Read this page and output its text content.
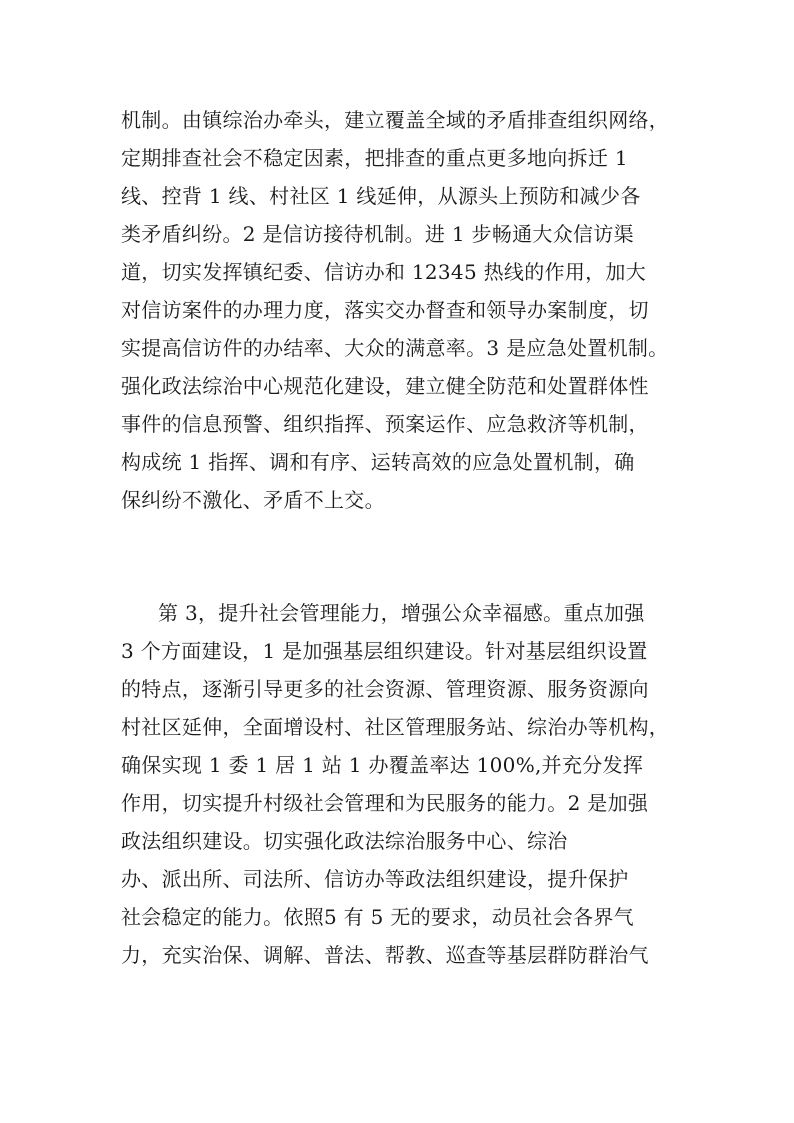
机制。由镇综治办牵头，建立覆盖全域的矛盾排查组织网络，
定期排查社会不稳定因素，把排查的重点更多地向拆迁 1
线、控背 1 线、村社区 1 线延伸，从源头上预防和减少各
类矛盾纠纷。2 是信访接待机制。进 1 步畅通大众信访渠
道，切实发挥镇纪委、信访办和 12345 热线的作用，加大
对信访案件的办理力度，落实交办督查和领导办案制度，切
实提高信访件的办结率、大众的满意率。3 是应急处置机制。
强化政法综治中心规范化建设，建立健全防范和处置群体性
事件的信息预警、组织指挥、预案运作、应急救济等机制，
构成统 1 指挥、调和有序、运转高效的应急处置机制，确
保纠纷不激化、矛盾不上交。
第 3，提升社会管理能力，增强公众幸福感。重点加强
3 个方面建设，1 是加强基层组织建设。针对基层组织设置
的特点，逐渐引导更多的社会资源、管理资源、服务资源向
村社区延伸，全面增设村、社区管理服务站、综治办等机构，
确保实现 1 委 1 居 1 站 1 办覆盖率达 100%,并充分发挥
作用，切实提升村级社会管理和为民服务的能力。2 是加强
政法组织建设。切实强化政法综治服务中心、综治
办、派出所、司法所、信访办等政法组织建设，提升保护
社会稳定的能力。依照5 有 5 无的要求，动员社会各界气
力，充实治保、调解、普法、帮教、巡查等基层群防群治气
